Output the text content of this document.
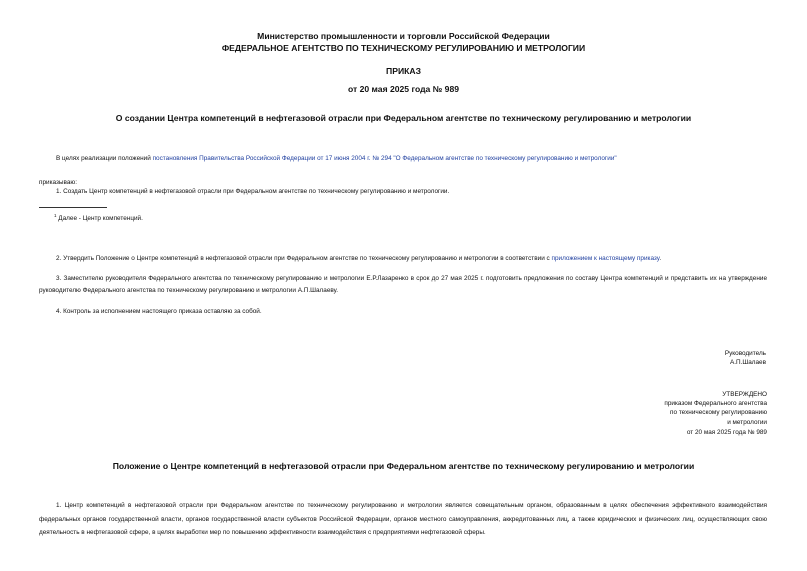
Министерство промышленности и торговли Российской Федерации
ФЕДЕРАЛЬНОЕ АГЕНТСТВО ПО ТЕХНИЧЕСКОМУ РЕГУЛИРОВАНИЮ И МЕТРОЛОГИИ
ПРИКАЗ
от 20 мая 2025 года № 989
О создании Центра компетенций в нефтегазовой отрасли при Федеральном агентстве по техническому регулированию и метрологии
В целях реализации положений постановления Правительства Российской Федерации от 17 июня 2004 г. № 294 "О Федеральном агентстве по техническому регулированию и метрологии"
приказываю:
1. Создать Центр компетенций в нефтегазовой отрасли при Федеральном агентстве по техническому регулированию и метрологии.
$^1$ Далее - Центр компетенций.
2. Утвердить Положение о Центре компетенций в нефтегазовой отрасли при Федеральном агентстве по техническому регулированию и метрологии в соответствии с приложением к настоящему приказу.
3. Заместителю руководителя Федерального агентства по техническому регулированию и метрологии Е.Р.Лазаренко в срок до 27 мая 2025 г. подготовить предложения по составу Центра компетенций и представить их на утверждение руководителю Федерального агентства по техническому регулированию и метрологии А.П.Шалаеву.
4. Контроль за исполнением настоящего приказа оставляю за собой.
Руководитель
А.П.Шалаев
УТВЕРЖДЕНО
приказом Федерального агентства
по техническому регулированию
и метрологии
от 20 мая 2025 года № 989
Положение о Центре компетенций в нефтегазовой отрасли при Федеральном агентстве по техническому регулированию и метрологии
1. Центр компетенций в нефтегазовой отрасли при Федеральном агентстве по техническому регулированию и метрологии является совещательным органом, образованным в целях обеспечения эффективного взаимодействия федеральных органов государственной власти, органов государственной власти субъектов Российской Федерации, органов местного самоуправления, аккредитованных лиц, а также юридических и физических лиц, осуществляющих свою деятельность в нефтегазовой сфере, в целях выработки мер по повышению эффективности взаимодействия с предприятиями нефтегазовой сферы.
